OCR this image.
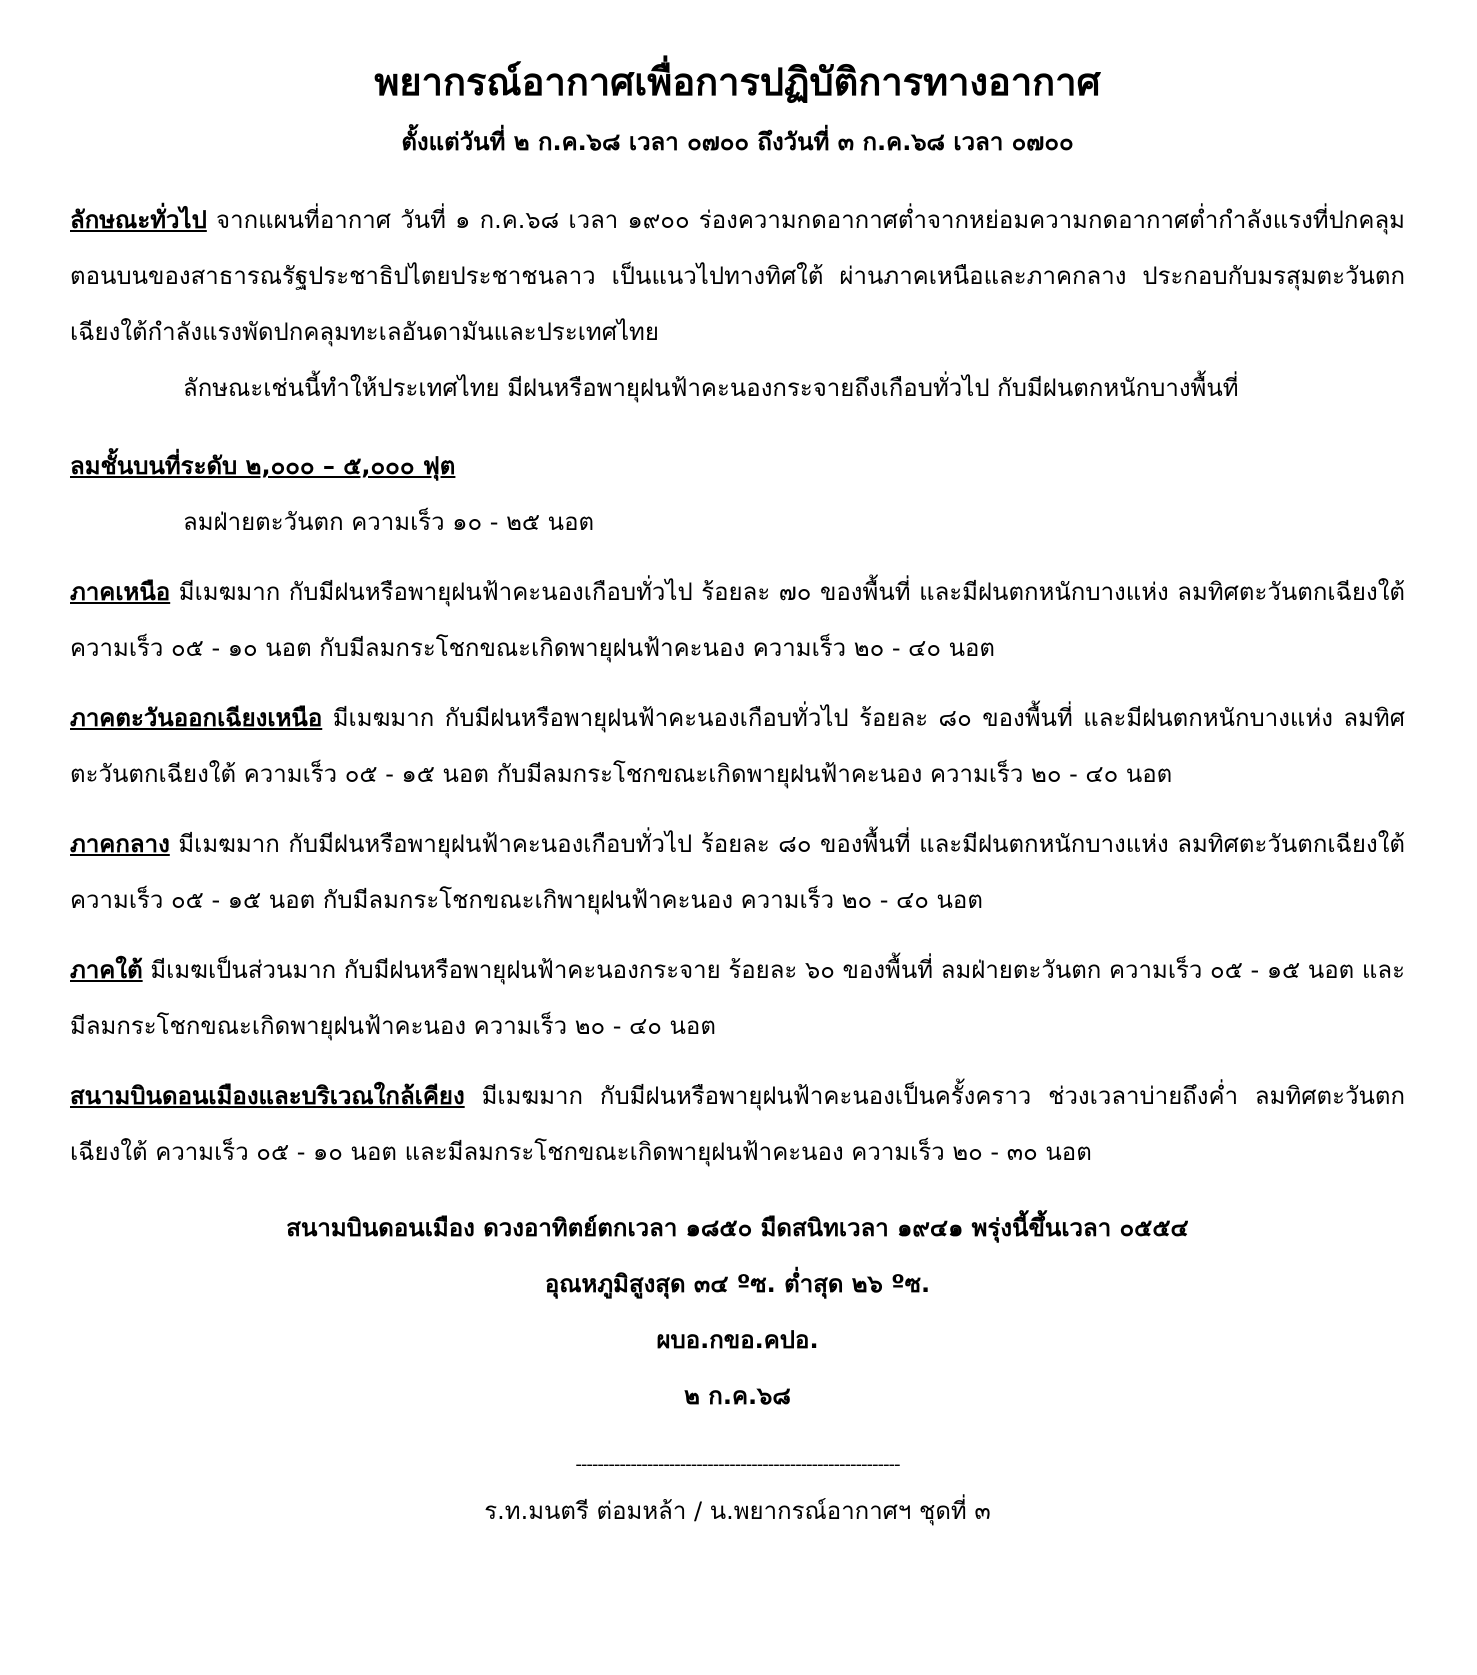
พยากรณ์อากาศเพื่อการปฏิบัติการทางอากาศ

ตั้งแต่วันที่ ๒ ก.ค.๖๘ เวลา ๐๗๐๐ ถึงวันที่ ๓ ก.ค.๖๘ เวลา ๐๗๐๐

ลักษณะทั่วไป จากแผนที่อากาศ วันที่ ๑ ก.ค.๖๘ เวลา ๑๙๐๐ ร่องความกดอากาศต่ำจากหย่อมความกดอากาศต่ำกำลังแรงที่ปกคลุมตอนบนของสาธารณรัฐประชาธิปไตยประชาชนลาว เป็นแนวไปทางทิศใต้ ผ่านภาคเหนือและภาคกลาง ประกอบกับมรสุมตะวันตกเฉียงใต้กำลังแรงพัดปกคลุมทะเลอันดามันและประเทศไทย

ลักษณะเช่นนี้ทำให้ประเทศไทย มีฝนหรือพายุฝนฟ้าคะนองกระจายถึงเกือบทั่วไป กับมีฝนตกหนักบางพื้นที่

ลมชั้นบนที่ระดับ ๒,๐๐๐ – ๕,๐๐๐ ฟุต

ลมฝ่ายตะวันตก ความเร็ว ๑๐ - ๒๕ นอต

ภาคเหนือ มีเมฆมาก กับมีฝนหรือพายุฝนฟ้าคะนองเกือบทั่วไป ร้อยละ ๗๐ ของพื้นที่ และมีฝนตกหนักบางแห่ง ลมทิศตะวันตกเฉียงใต้ ความเร็ว ๐๕ - ๑๐ นอต กับมีลมกระโชกขณะเกิดพายุฝนฟ้าคะนอง ความเร็ว ๒๐ - ๔๐ นอต

ภาคตะวันออกเฉียงเหนือ มีเมฆมาก กับมีฝนหรือพายุฝนฟ้าคะนองเกือบทั่วไป ร้อยละ ๘๐ ของพื้นที่ และมีฝนตกหนักบางแห่ง ลมทิศตะวันตกเฉียงใต้ ความเร็ว ๐๕ - ๑๕ นอต กับมีลมกระโชกขณะเกิดพายุฝนฟ้าคะนอง ความเร็ว ๒๐ - ๔๐ นอต

ภาคกลาง มีเมฆมาก กับมีฝนหรือพายุฝนฟ้าคะนองเกือบทั่วไป ร้อยละ ๘๐ ของพื้นที่ และมีฝนตกหนักบางแห่ง ลมทิศตะวันตกเฉียงใต้ ความเร็ว ๐๕ - ๑๕ นอต กับมีลมกระโชกขณะเกิพายุฝนฟ้าคะนอง ความเร็ว ๒๐ - ๔๐ นอต

ภาคใต้ มีเมฆเป็นส่วนมาก กับมีฝนหรือพายุฝนฟ้าคะนองกระจาย ร้อยละ ๖๐ ของพื้นที่ ลมฝ่ายตะวันตก ความเร็ว ๐๕ - ๑๕ นอต และมีลมกระโชกขณะเกิดพายุฝนฟ้าคะนอง ความเร็ว ๒๐ - ๔๐ นอต

สนามบินดอนเมืองและบริเวณใกล้เคียง มีเมฆมาก กับมีฝนหรือพายุฝนฟ้าคะนองเป็นครั้งคราว ช่วงเวลาบ่ายถึงค่ำ ลมทิศตะวันตกเฉียงใต้ ความเร็ว ๐๕ - ๑๐ นอต และมีลมกระโชกขณะเกิดพายุฝนฟ้าคะนอง ความเร็ว ๒๐ - ๓๐ นอต

สนามบินดอนเมือง ดวงอาทิตย์ตกเวลา ๑๘๕๐ มืดสนิทเวลา ๑๙๔๑ พรุ่งนี้ขึ้นเวลา ๐๕๕๔

อุณหภูมิสูงสุด ๓๔ ºซ. ต่ำสุด ๒๖ ºซ.

ผบอ.กขอ.คปอ.

๒ ก.ค.๖๘

-----------------------------------------------------------

ร.ท.มนตรี ต่อมหล้า / น.พยากรณ์อากาศฯ ชุดที่ ๓
